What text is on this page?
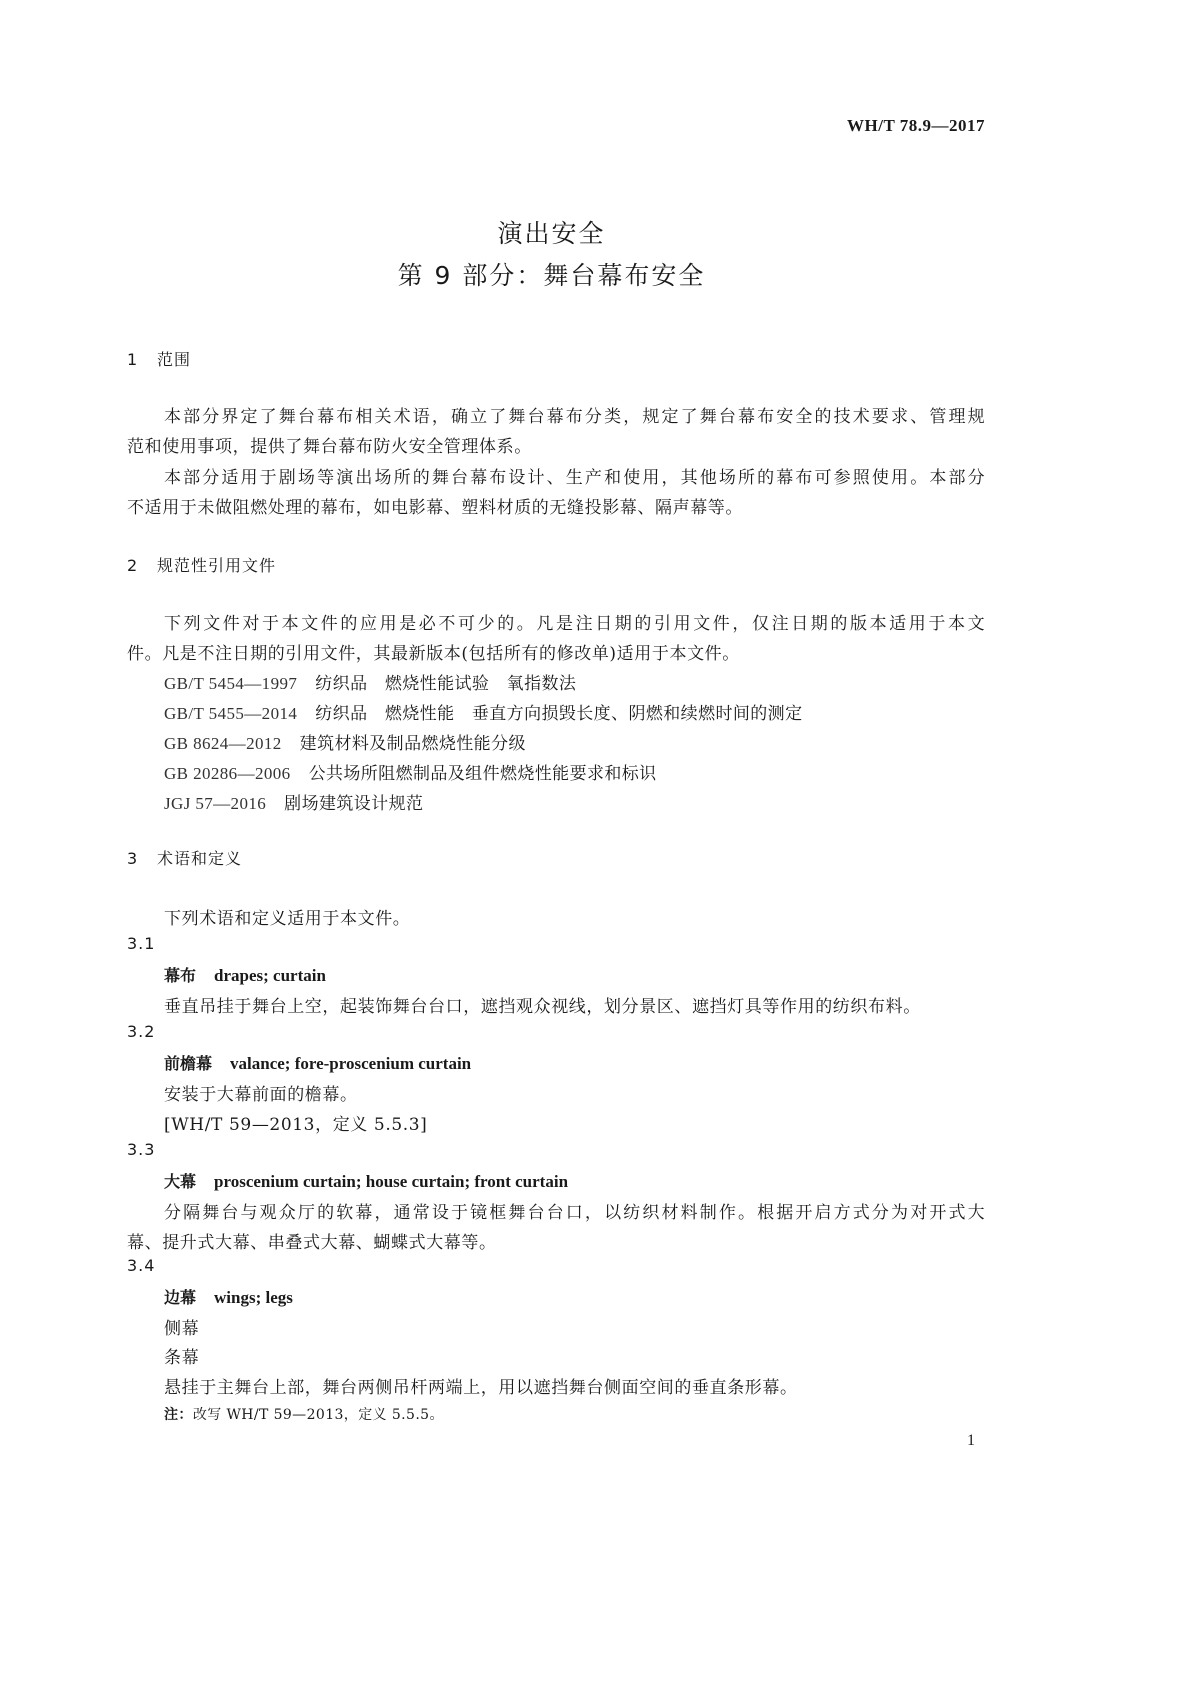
WH/T 78.9—2017
演出安全
第 9 部分：舞台幕布安全
1 范围
本部分界定了舞台幕布相关术语，确立了舞台幕布分类，规定了舞台幕布安全的技术要求、管理规
范和使用事项，提供了舞台幕布防火安全管理体系。
本部分适用于剧场等演出场所的舞台幕布设计、生产和使用，其他场所的幕布可参照使用。本部分
不适用于未做阻燃处理的幕布，如电影幕、塑料材质的无缝投影幕、隔声幕等。
2 规范性引用文件
下列文件对于本文件的应用是必不可少的。凡是注日期的引用文件，仅注日期的版本适用于本文
件。凡是不注日期的引用文件，其最新版本(包括所有的修改单)适用于本文件。
GB/T 5454—1997 纺织品　燃烧性能试验　氧指数法
GB/T 5455—2014 纺织品　燃烧性能　垂直方向损毁长度、阴燃和续燃时间的测定
GB 8624—2012 建筑材料及制品燃烧性能分级
GB 20286—2006 公共场所阻燃制品及组件燃烧性能要求和标识
JGJ 57—2016 剧场建筑设计规范
3 术语和定义
下列术语和定义适用于本文件。
3.1
幕布 drapes; curtain
垂直吊挂于舞台上空，起装饰舞台台口，遮挡观众视线，划分景区、遮挡灯具等作用的纺织布料。
3.2
前檐幕 valance; fore-proscenium curtain
安装于大幕前面的檐幕。
[WH/T 59—2013，定义 5.5.3]
3.3
大幕 proscenium curtain; house curtain; front curtain
分隔舞台与观众厅的软幕，通常设于镜框舞台台口，以纺织材料制作。根据开启方式分为对开式大
幕、提升式大幕、串叠式大幕、蝴蝶式大幕等。
3.4
边幕 wings; legs
侧幕
条幕
悬挂于主舞台上部，舞台两侧吊杆两端上，用以遮挡舞台侧面空间的垂直条形幕。
注：改写 WH/T 59—2013，定义 5.5.5。
1
